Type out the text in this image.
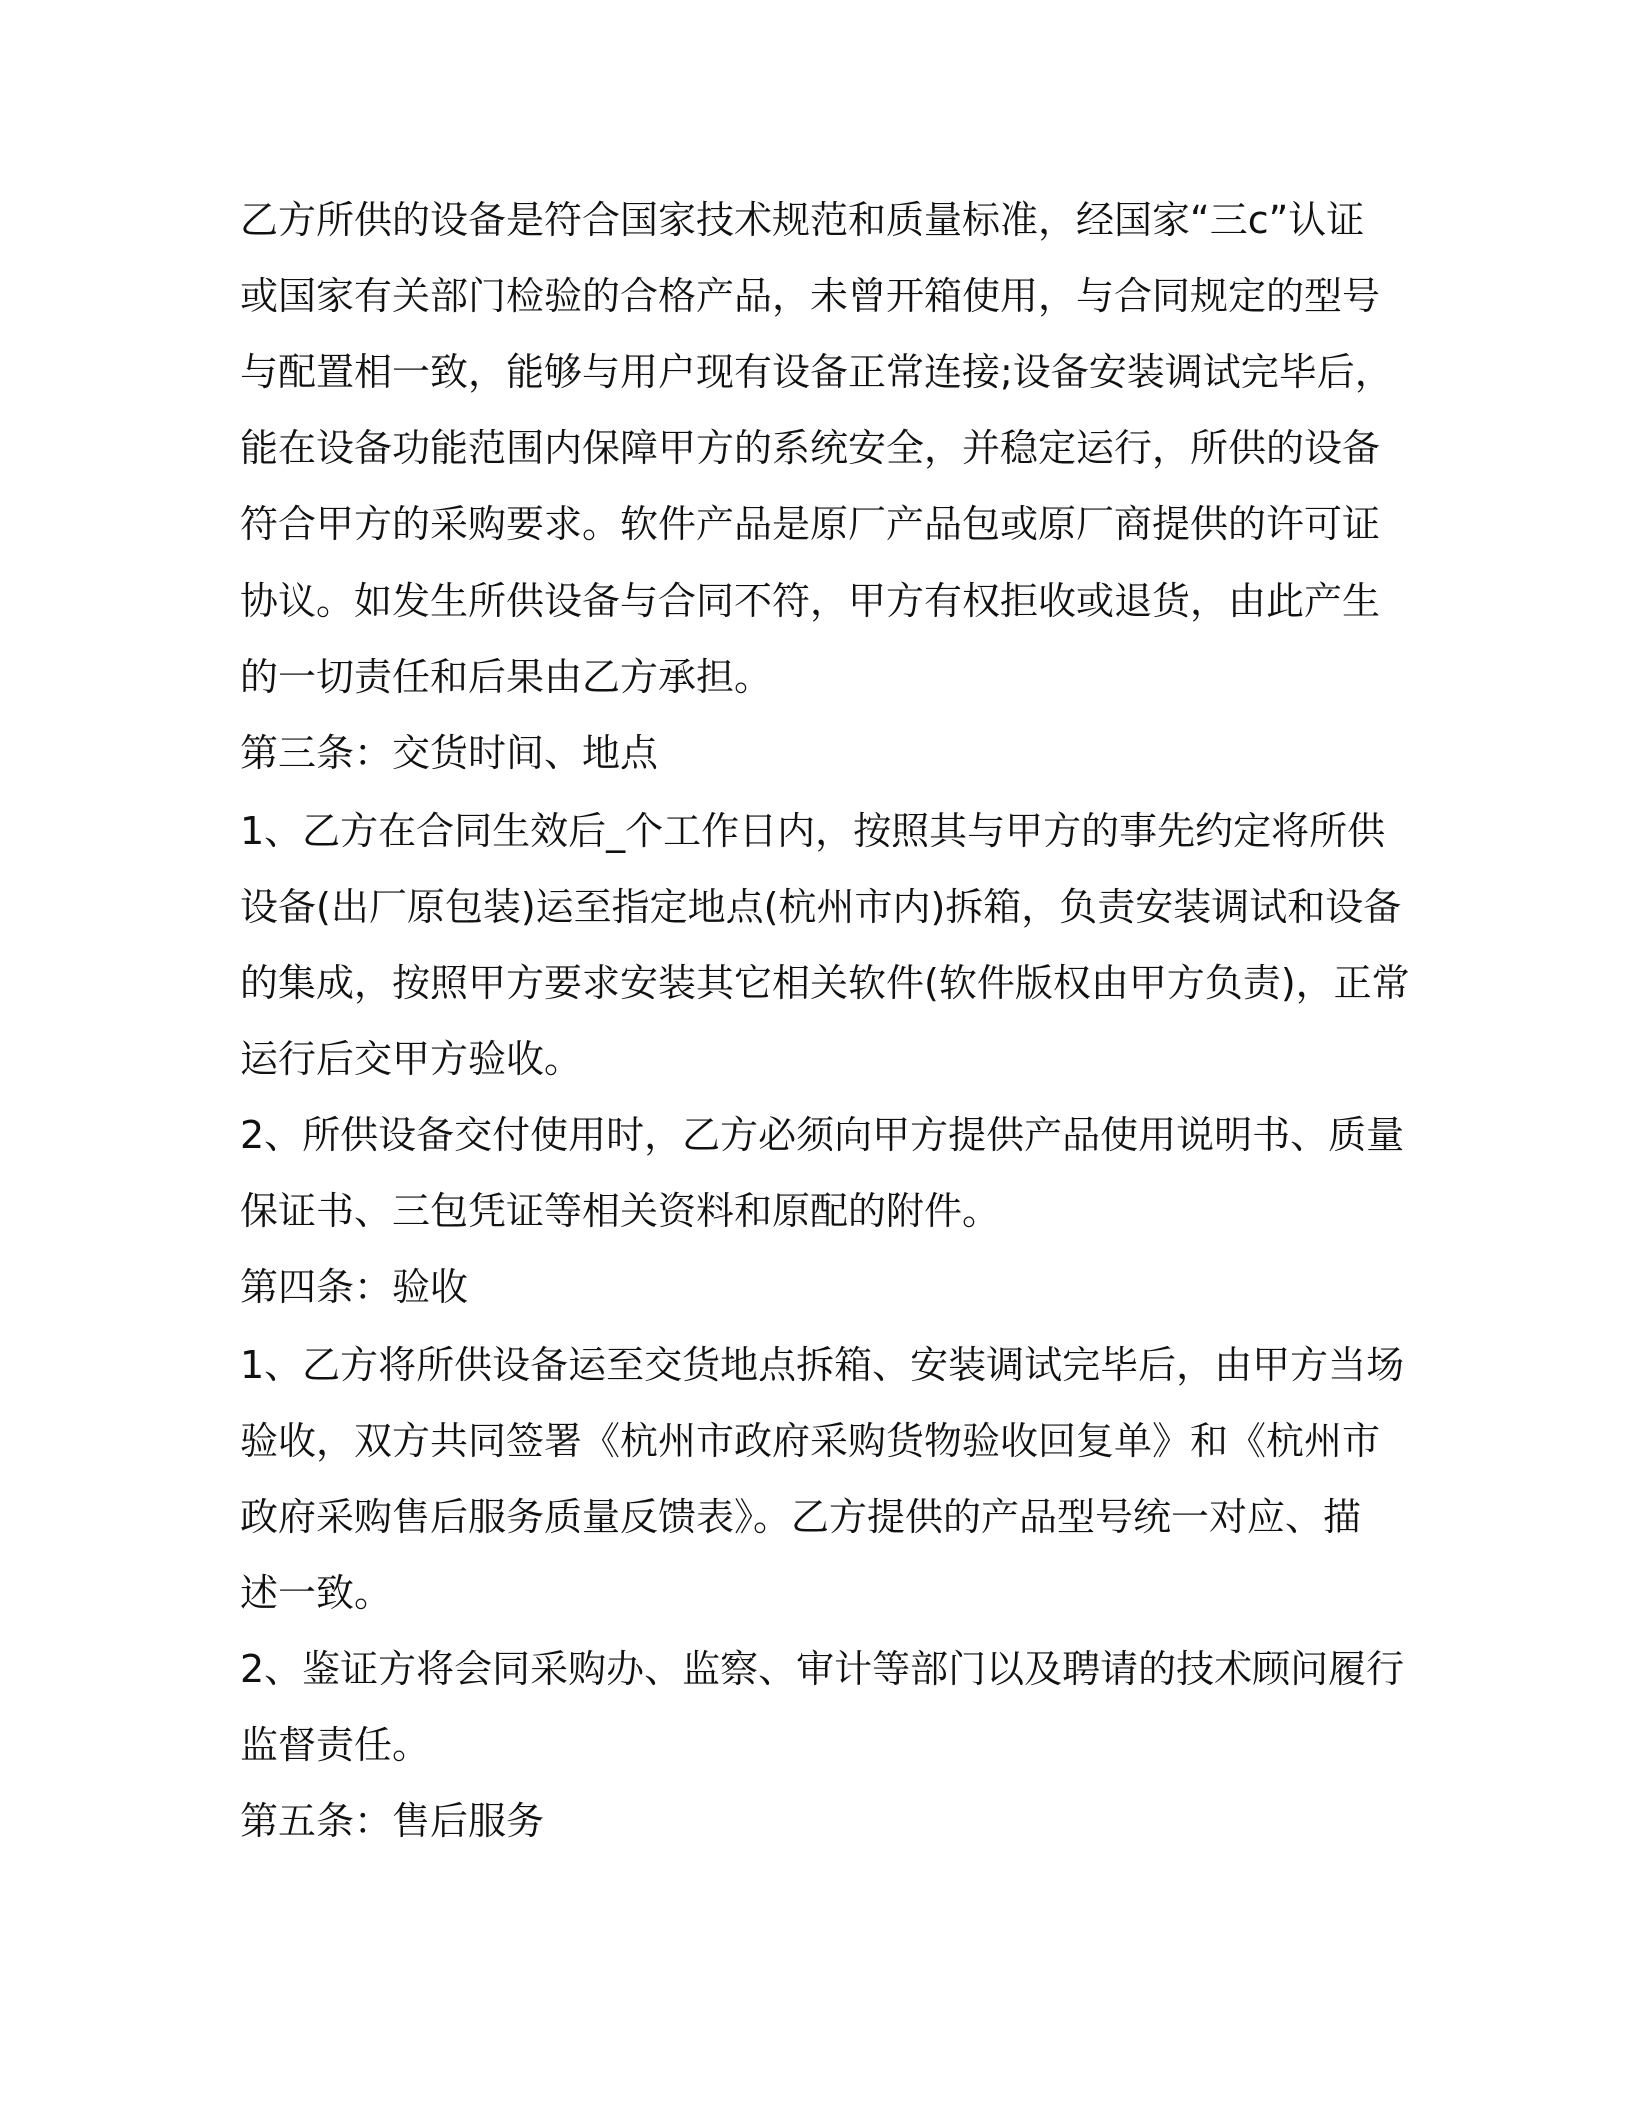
乙方所供的设备是符合国家技术规范和质量标准，经国家“三c”认证
或国家有关部门检验的合格产品，未曾开箱使用，与合同规定的型号
与配置相一致，能够与用户现有设备正常连接;设备安装调试完毕后，
能在设备功能范围内保障甲方的系统安全，并稳定运行，所供的设备
符合甲方的采购要求。软件产品是原厂产品包或原厂商提供的许可证
协议。如发生所供设备与合同不符，甲方有权拒收或退货，由此产生
的一切责任和后果由乙方承担。
第三条：交货时间、地点
1、乙方在合同生效后_个工作日内，按照其与甲方的事先约定将所供
设备(出厂原包装)运至指定地点(杭州市内)拆箱，负责安装调试和设备
的集成，按照甲方要求安装其它相关软件(软件版权由甲方负责)，正常
运行后交甲方验收。
2、所供设备交付使用时，乙方必须向甲方提供产品使用说明书、质量
保证书、三包凭证等相关资料和原配的附件。
第四条：验收
1、乙方将所供设备运至交货地点拆箱、安装调试完毕后，由甲方当场
验收，双方共同签署《杭州市政府采购货物验收回复单》和《杭州市
政府采购售后服务质量反馈表》。乙方提供的产品型号统一对应、描
述一致。
2、鉴证方将会同采购办、监察、审计等部门以及聘请的技术顾问履行
监督责任。
第五条：售后服务
